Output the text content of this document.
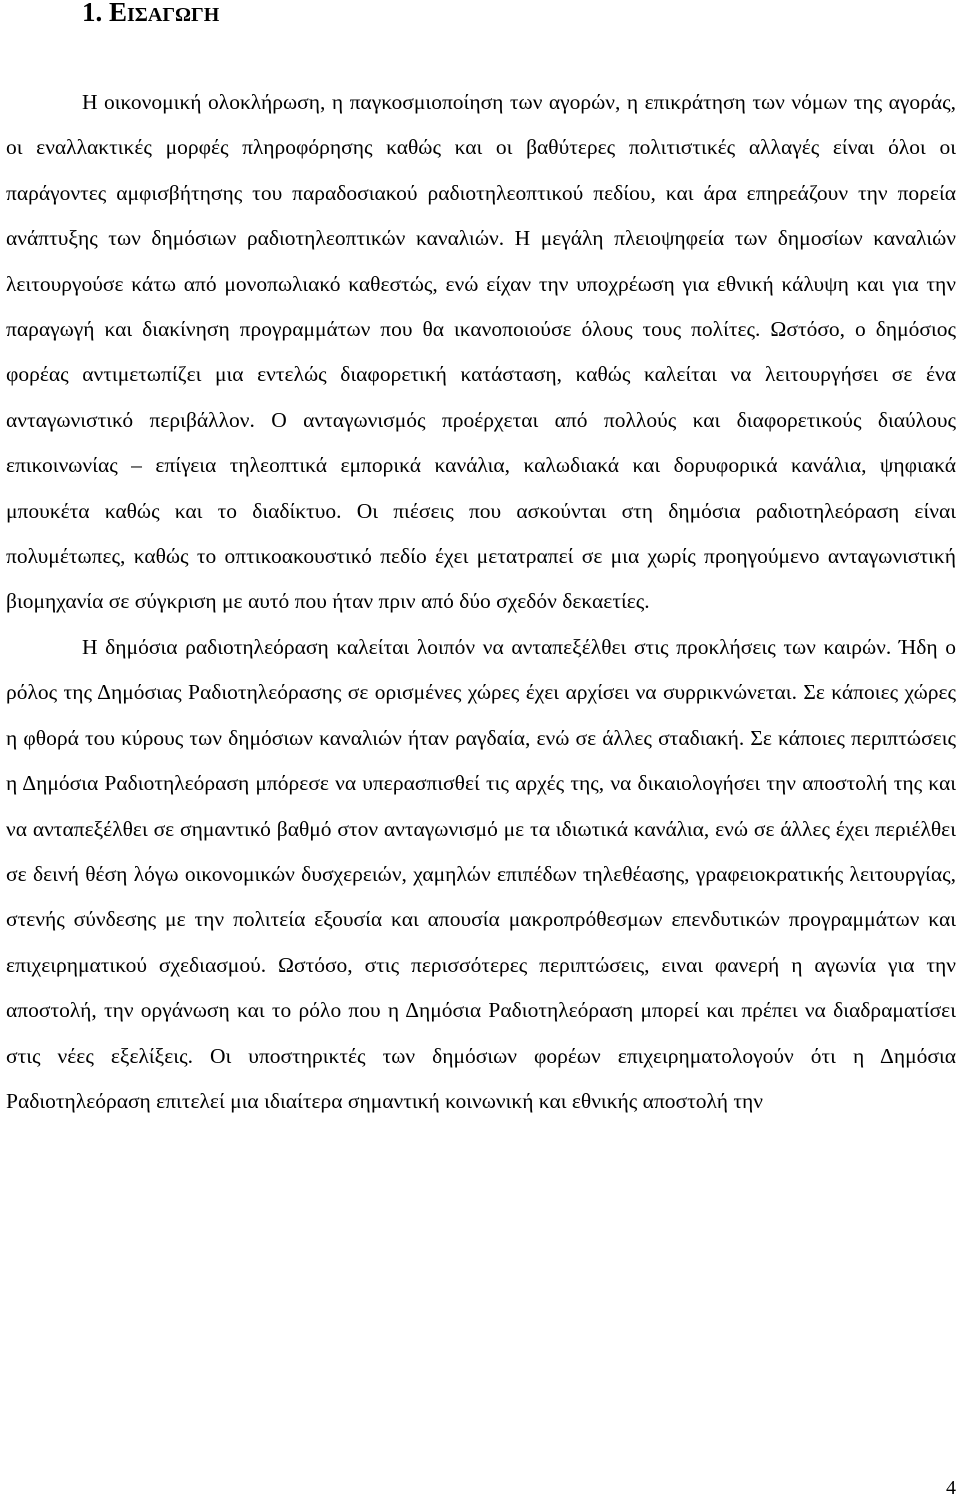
1. ΕΙΣΑΓΩΓΗ

Η οικονομική ολοκλήρωση, η παγκοσμιοποίηση των αγορών, η επικράτηση των νόμων της αγοράς, οι εναλλακτικές μορφές πληροφόρησης καθώς και οι βαθύτερες πολιτιστικές αλλαγές είναι όλοι οι παράγοντες αμφισβήτησης του παραδοσιακού ραδιοτηλεοπτικού πεδίου, και άρα επηρεάζουν την πορεία ανάπτυξης των δημόσιων ραδιοτηλεοπτικών καναλιών. Η μεγάλη πλειοψηφεία των δημοσίων καναλιών λειτουργούσε κάτω από μονοπωλιακό καθεστώς, ενώ είχαν την υποχρέωση για εθνική κάλυψη και για την παραγωγή και διακίνηση προγραμμάτων που θα ικανοποιούσε όλους τους πολίτες. Ωστόσο, ο δημόσιος φορέας αντιμετωπίζει μια εντελώς διαφορετική κατάσταση, καθώς καλείται να λειτουργήσει σε ένα ανταγωνιστικό περιβάλλον. Ο ανταγωνισμός προέρχεται από πολλούς και διαφορετικούς διαύλους επικοινωνίας – επίγεια τηλεοπτικά εμπορικά κανάλια, καλωδιακά και δορυφορικά κανάλια, ψηφιακά μπουκέτα καθώς και το διαδίκτυο. Οι πιέσεις που ασκούνται στη δημόσια ραδιοτηλεόραση είναι πολυμέτωπες, καθώς το οπτικοακουστικό πεδίο έχει μετατραπεί σε μια χωρίς προηγούμενο ανταγωνιστική βιομηχανία σε σύγκριση με αυτό που ήταν πριν από δύο σχεδόν δεκαετίες.

Η δημόσια ραδιοτηλεόραση καλείται λοιπόν να ανταπεξέλθει στις προκλήσεις των καιρών. Ήδη ο ρόλος της Δημόσιας Ραδιοτηλεόρασης σε ορισμένες χώρες έχει αρχίσει να συρρικνώνεται. Σε κάποιες χώρες η φθορά του κύρους των δημόσιων καναλιών ήταν ραγδαία, ενώ σε άλλες σταδιακή. Σε κάποιες περιπτώσεις η Δημόσια Ραδιοτηλεόραση μπόρεσε να υπερασπισθεί τις αρχές της, να δικαιολογήσει την αποστολή της και να ανταπεξέλθει σε σημαντικό βαθμό στον ανταγωνισμό με τα ιδιωτικά κανάλια, ενώ σε άλλες έχει περιέλθει σε δεινή θέση λόγω οικονομικών δυσχερειών, χαμηλών επιπέδων τηλεθέασης, γραφειοκρατικής λειτουργίας, στενής σύνδεσης με την πολιτεία εξουσία και απουσία μακροπρόθεσμων επενδυτικών προγραμμάτων και επιχειρηματικού σχεδιασμού. Ωστόσο, στις περισσότερες περιπτώσεις, ειναι φανερή η αγωνία για την αποστολή, την οργάνωση και το ρόλο που η Δημόσια Ραδιοτηλεόραση μπορεί και πρέπει να διαδραματίσει στις νέες εξελίξεις. Οι υποστηρικτές των δημόσιων φορέων επιχειρηματολογούν ότι η Δημόσια Ραδιοτηλεόραση επιτελεί μια ιδιαίτερα σημαντική κοινωνική και εθνικής αποστολή την

4
